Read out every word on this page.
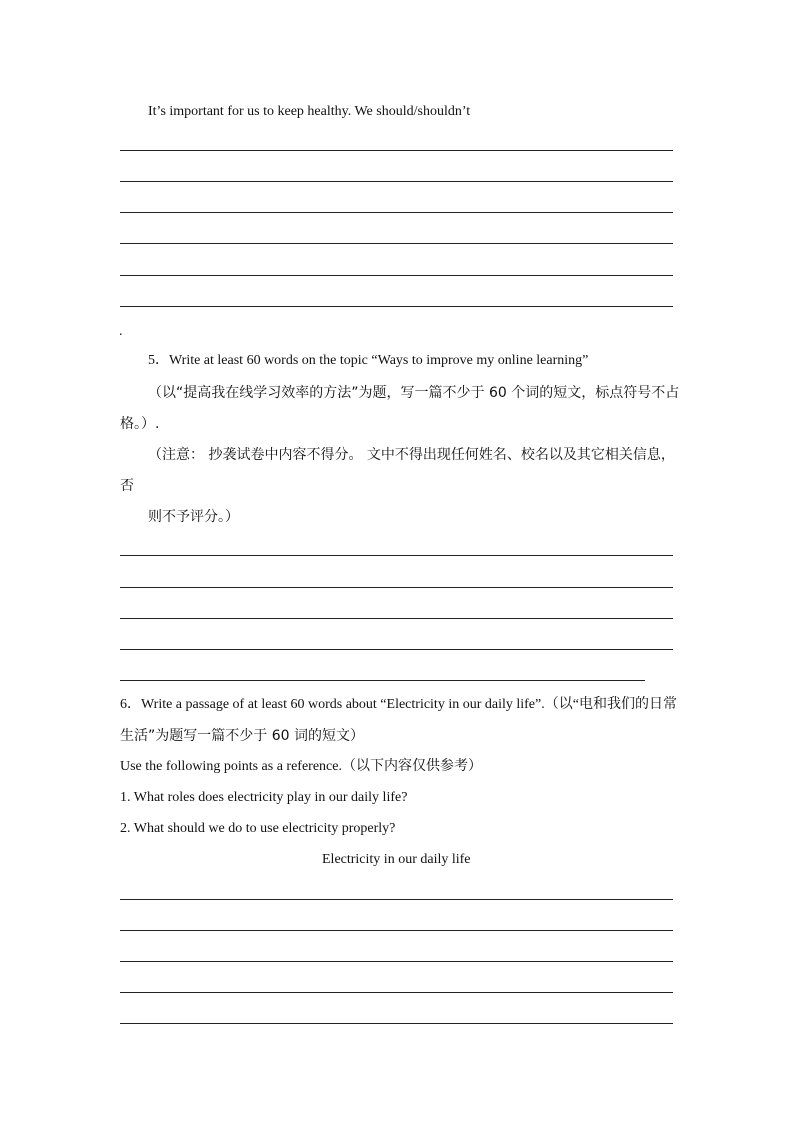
It’s important for us to keep healthy. We should/shouldn’t
.
5．Write at least 60 words on the topic “Ways to improve my online learning”
（以“提高我在线学习效率的方法”为题，写一篇不少于 60 个词的短文，标点符号不占
格。）.
（注意： 抄袭试卷中内容不得分。 文中不得出现任何姓名、校名以及其它相关信息，
否
则不予评分。）
6．Write a passage of at least 60 words about “Electricity in our daily life”.（以“电和我们的日常
生活”为题写一篇不少于 60 词的短文）
Use the following points as a reference.（以下内容仅供参考）
1. What roles does electricity play in our daily life?
2. What should we do to use electricity properly?
Electricity in our daily life
